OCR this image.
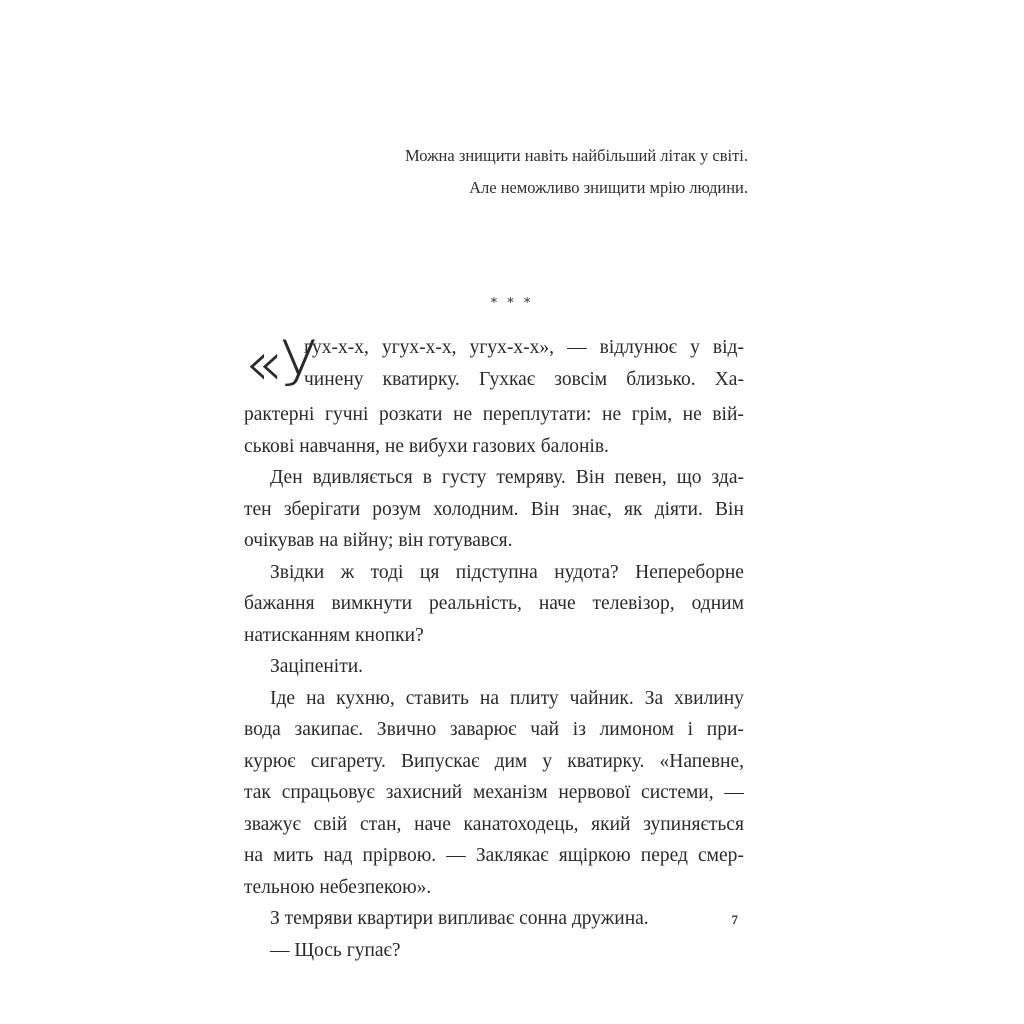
Можна знищити навіть найбільший літак у світі.
Але неможливо знищити мрію людини.
* * *
«У
гух-х-х, угух-х-х, угух-х-х», — відлунює у від-
чинену кватирку. Гухкає зовсім близько. Ха-
рактерні гучні розкати не переплутати: не грім, не вій-
ськові навчання, не вибухи газових балонів.
Ден вдивляється в густу темряву. Він певен, що зда-
тен зберігати розум холодним. Він знає, як діяти. Він
очікував на війну; він готувався.
Звідки ж тоді ця підступна нудота? Непереборне
бажання вимкнути реальність, наче телевізор, одним
натисканням кнопки?
Заціпеніти.
Іде на кухню, ставить на плиту чайник. За хвилину
вода закипає. Звично заварює чай із лимоном і при-
курює сигарету. Випускає дим у кватирку. «Напевне,
так спрацьовує захисний механізм нервової системи, —
зважує свій стан, наче канатоходець, який зупиняється
на мить над прірвою. — Заклякає ящіркою перед смер-
тельною небезпекою».
З темряви квартири випливає сонна дружина.
— Щось гупає?
7
